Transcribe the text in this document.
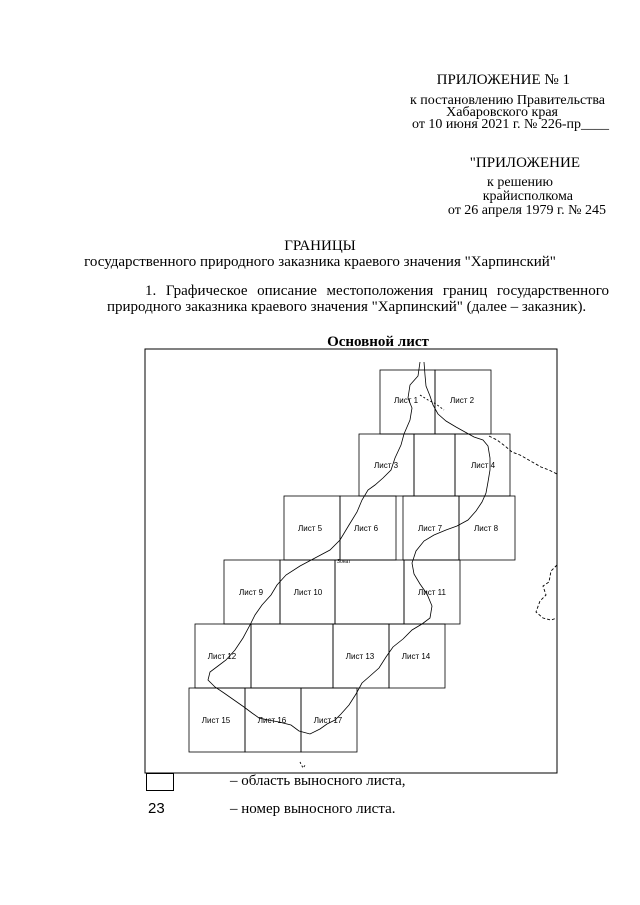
ПРИЛОЖЕНИЕ № 1
к постановлению Правительства
Хабаровского края
от 10 июня 2021 г. № 226-пр____
"ПРИЛОЖЕНИЕ
к решению
крайисполкома
от 26 апреля 1979 г. № 245
ГРАНИЦЫ
государственного природного заказника краевого значения "Харпинский"
1. Графическое описание местоположения границ государственного
природного заказника краевого значения "Харпинский" (далее – заказник).
Основной лист
Лист 1	Лист 2
Лист 3	Лист 4
Лист 5	Лист 6	Лист 7	Лист 8
Лист 9	Лист 10	Лист 11
Лист 12	Лист 13	Лист 14
Лист 15	Лист 16	Лист 17
Зонат
– область выносного листа,
23	– номер выносного листа.
